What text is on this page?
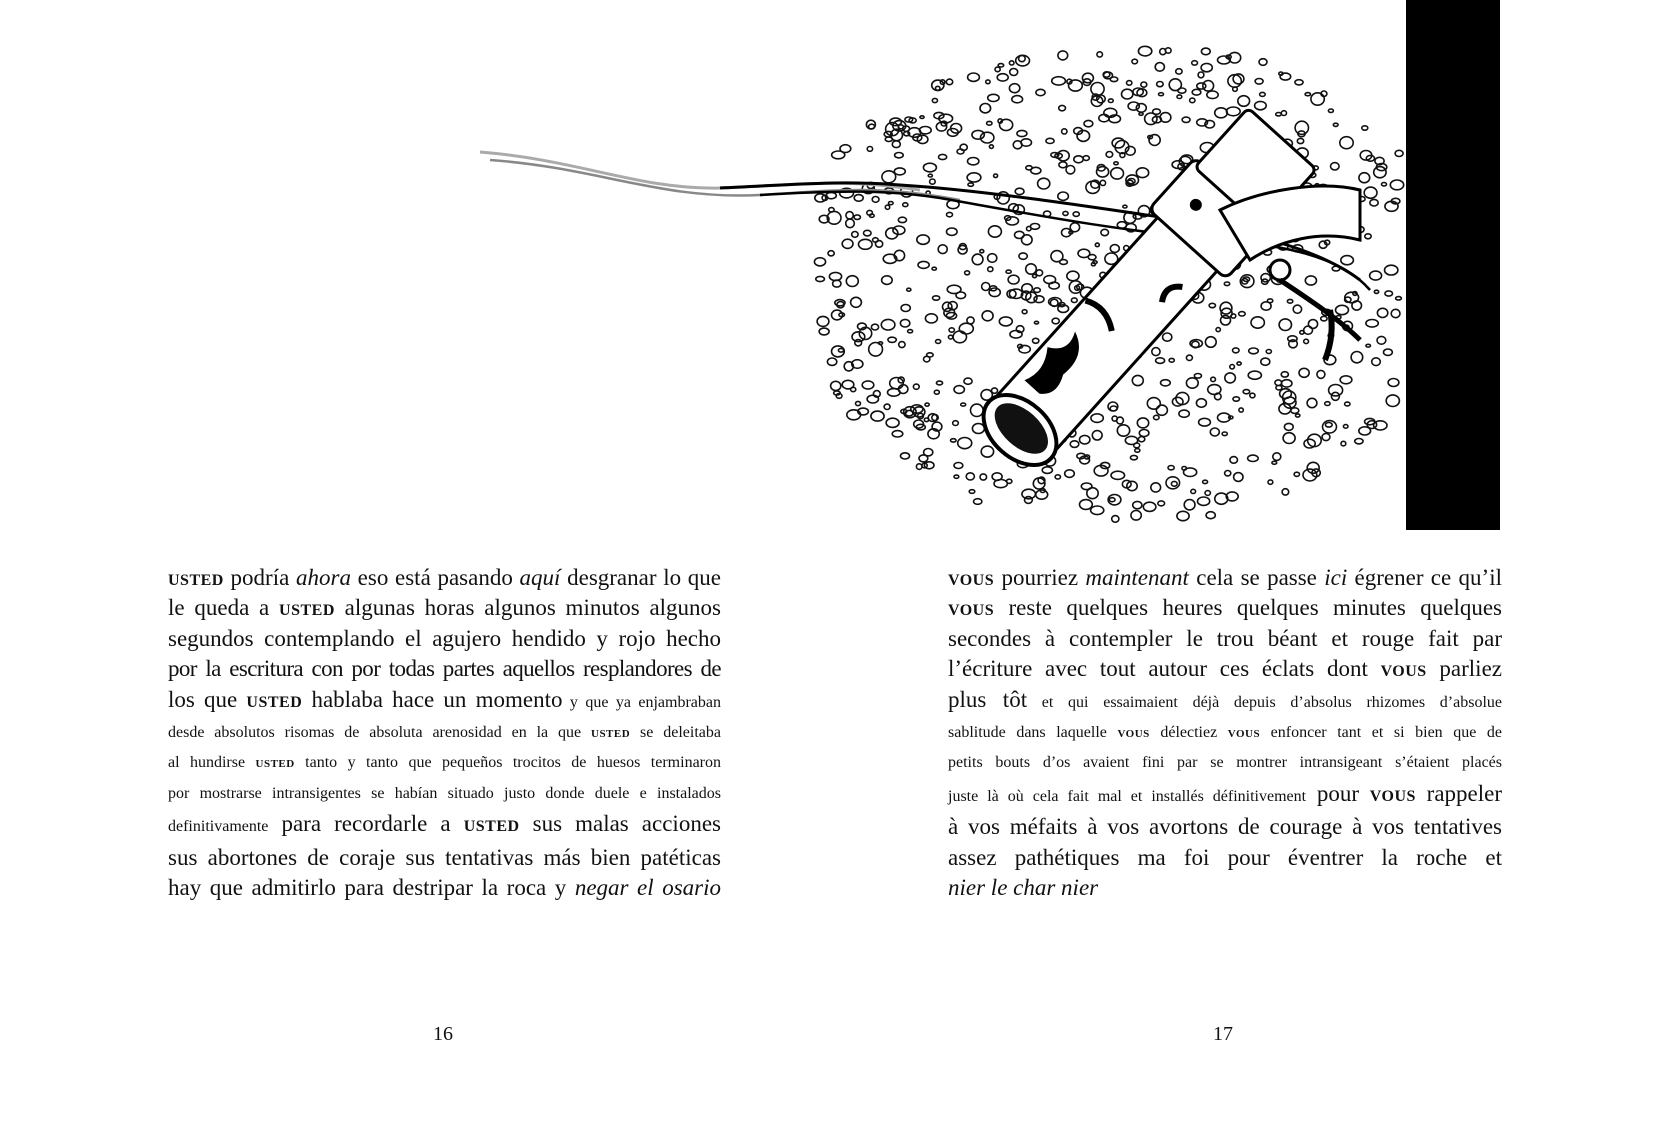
usted podría ahora eso está pasando aquí desgranar lo que
le queda a usted algunas horas algunos minutos algunos
segundos contemplando el agujero hendido y rojo hecho
por la escritura con por todas partes aquellos resplandores de
los que usted hablaba hace un momento y que ya enjambraban
desde absolutos risomas de absoluta arenosidad en la que usted se deleitaba
al hundirse usted tanto y tanto que pequeños trocitos de huesos terminaron
por mostrarse intransigentes se habían situado justo donde duele e instalados
definitivamente para recordarle a usted sus malas acciones
sus abortones de coraje sus tentativas más bien patéticas
hay que admitirlo para destripar la roca y negar el osario
vous pourriez maintenant cela se passe ici égrener ce qu’il
vous reste quelques heures quelques minutes quelques
secondes à contempler le trou béant et rouge fait par
l’écriture avec tout autour ces éclats dont vous parliez
plus tôt et qui essaimaient déjà depuis d’absolus rhizomes d’absolue
sablitude dans laquelle vous délectiez vous enfoncer tant et si bien que de
petits bouts d’os avaient fini par se montrer intransigeant s’étaient placés
juste là où cela fait mal et installés définitivement pour vous rappeler
à vos méfaits à vos avortons de courage à vos tentatives
assez pathétiques ma foi pour éventrer la roche et
nier le char nier
16	17
